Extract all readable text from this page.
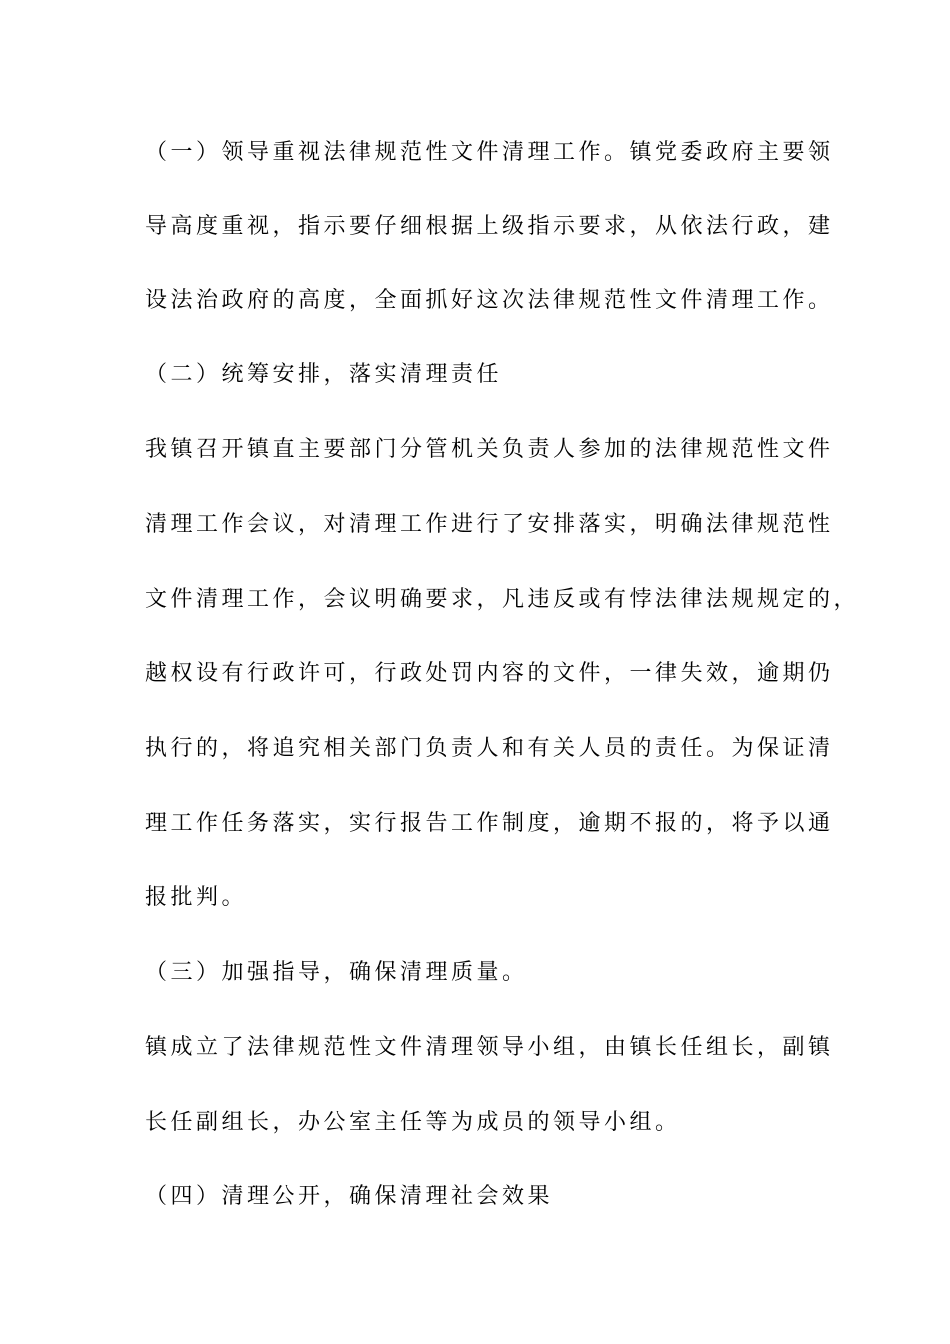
（一）领导重视法律规范性文件清理工作。镇党委政府主要领
导高度重视，指示要仔细根据上级指示要求，从依法行政，建
设法治政府的高度，全面抓好这次法律规范性文件清理工作。
（二）统筹安排，落实清理责任
我镇召开镇直主要部门分管机关负责人参加的法律规范性文件
清理工作会议，对清理工作进行了安排落实，明确法律规范性
文件清理工作，会议明确要求，凡违反或有悖法律法规规定的，
越权设有行政许可，行政处罚内容的文件，一律失效，逾期仍
执行的，将追究相关部门负责人和有关人员的责任。为保证清
理工作任务落实，实行报告工作制度，逾期不报的，将予以通
报批判。
（三）加强指导，确保清理质量。
镇成立了法律规范性文件清理领导小组，由镇长任组长，副镇
长任副组长，办公室主任等为成员的领导小组。
（四）清理公开，确保清理社会效果
